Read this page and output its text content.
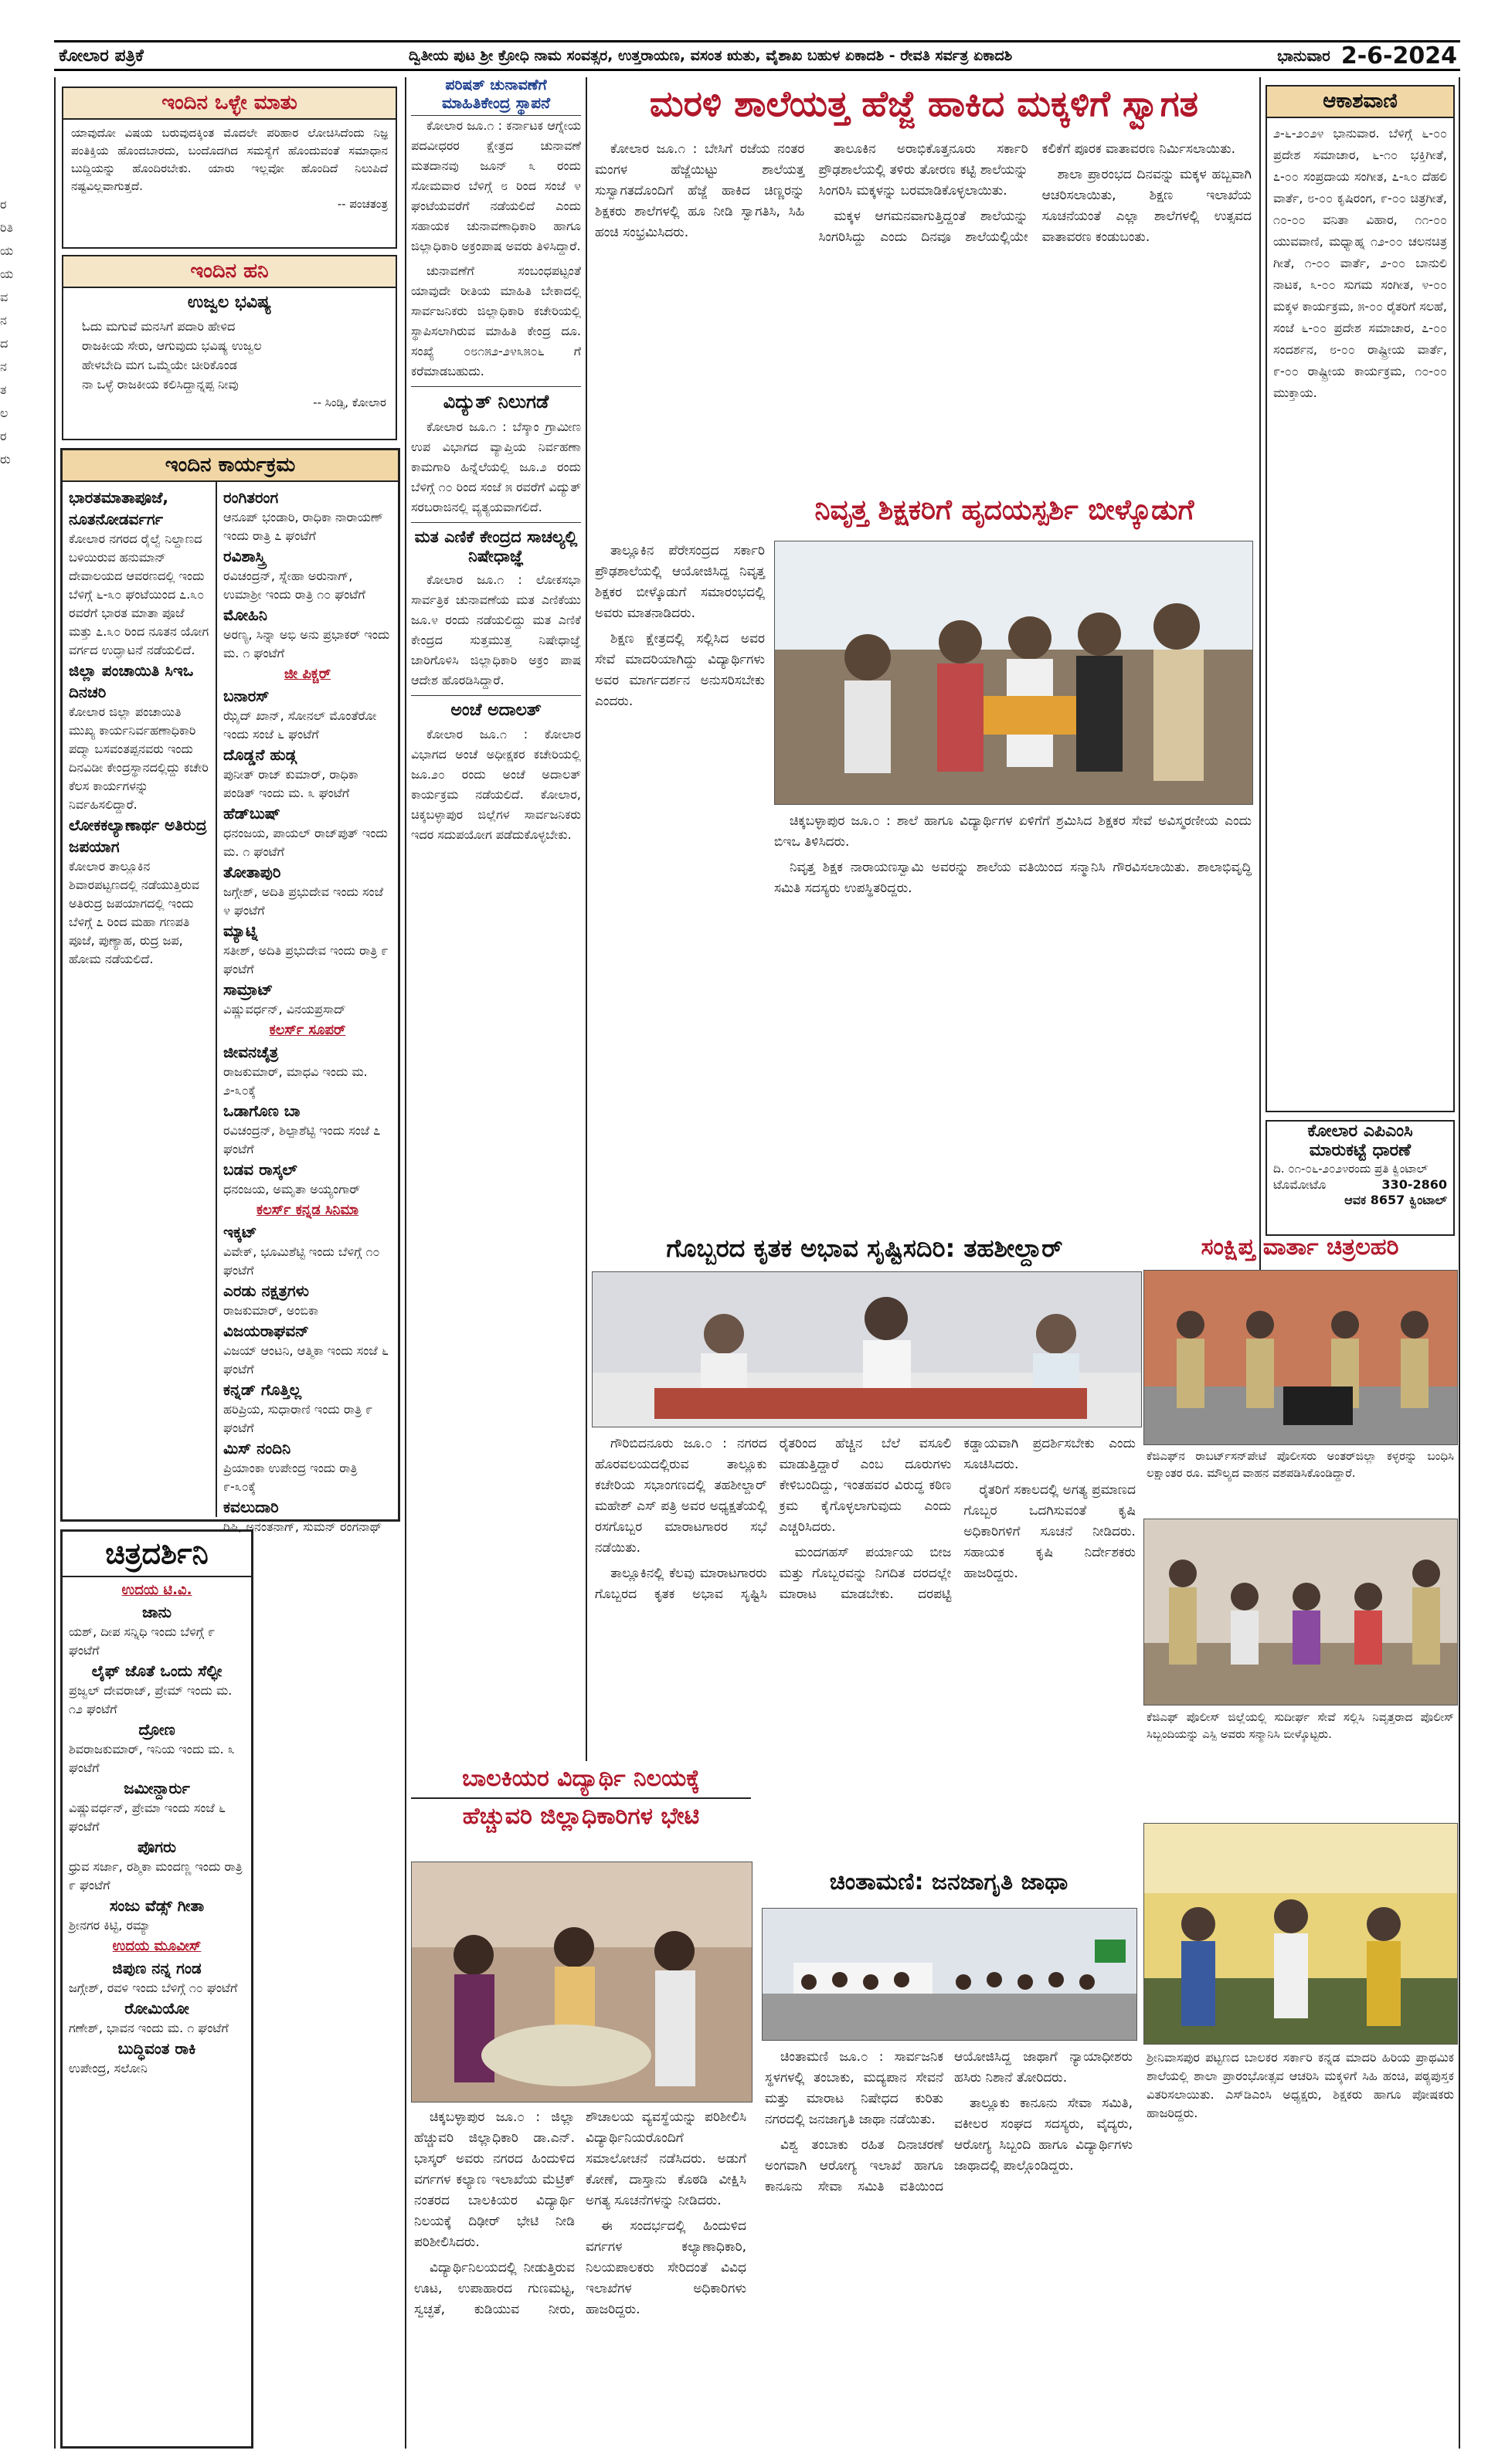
ಕೋಲಾರ ಪತ್ರಿಕೆ	ದ್ವಿತೀಯ ಪುಟ ಶ್ರೀ ಕ್ರೋಧಿ ನಾಮ ಸಂವತ್ಸರ, ಉತ್ತರಾಯಣ, ವಸಂತ ಋತು, ವೈಶಾಖ ಬಹುಳ ಏಕಾದಶಿ - ರೇವತಿ ಸರ್ವತ್ರ ಏಕಾದಶಿ	ಭಾನುವಾರ 2-6-2024
ರ
ರಿತಿ
ಯ
ಯ
ವ
ನ
ದ
ನ
ತ
ಲ
ರ
ರು
ಇಂದಿನ ಒಳ್ಳೇ ಮಾತು
ಯಾವುದೋ ವಿಷಯ ಬರುವುದಕ್ಕಿಂತ ಮೊದಲೇ ಪರಿಹಾರ ಲೋಚಿಸಿದೆಂದು ನಿಜ್ಞ ಪಂತಿಕ್ತಿಯ ಹೊಂದಬಾರದು, ಬಂದೊದಗಿದ ಸಮಸ್ಯೆಗೆ ಹೊಂದುವಂತೆ ಸಮಾಧಾನ ಬುದ್ದಿಯನ್ನು ಹೊಂದಿರಬೇಕು. ಯಾರು ಇಲ್ಲವೋ ಹೊಂದಿದೆ ನಿಲುಪಿದೆ ನಷ್ಟವಿಲ್ಲವಾಗುತ್ತದೆ.
-- ಪಂಚತಂತ್ರ
ಇಂದಿನ ಹನಿ
ಉಜ್ವಲ ಭವಿಷ್ಯ
ಓದು ಮಗುವೆ ಮನಸಿಗೆ ಪದಾರಿ ಹೇಳಿದ
ರಾಜಕೀಯ ಸೇರು, ಆಗುವುದು ಭವಿಷ್ಯ ಉಜ್ವಲ
ಹೇಳಬೇದಿ ಮಗ ಒಮ್ಮೆಯೇ ಚೀರಿಕೊಂಡ
ನಾ ಒಳ್ಳೆ ರಾಜಕೀಯ ಕಲಿಸಿದ್ದಾನ್ನಪ್ಪ ನೀವು
-- ಸಿಂಡ್ಸಿ, ಕೋಲಾರ
ಇಂದಿನ ಕಾರ್ಯಕ್ರಮ
ಭಾರತಮಾತಾಪೂಜೆ, ನೂತನೋಡರ್ವರ್ಗ
ಕೋಲಾರ ನಗರದ ರೈಲ್ವೆ ನಿಲ್ದಾಣದ ಬಳಿಯಿರುವ ಹನುಮಾನ್ ದೇವಾಲಯದ ಆವರಣದಲ್ಲಿ ಇಂದು ಬೆಳಿಗ್ಗೆ ೬-೩೦ ಘಂಟೆಯಿಂದ ೭.೩೦ ರವರೆಗೆ ಭಾರತ ಮಾತಾ ಪೂಜೆ ಮತ್ತು ೭.೩೦ ರಿಂದ ನೂತನ ಯೋಗ ವರ್ಗದ ಉದ್ಘಾಟನೆ ನಡೆಯಲಿದೆ.
ಜಿಲ್ಲಾ ಪಂಚಾಯಿತಿ ಸಿಇಒ ದಿನಚರಿ
ಕೋಲಾರ ಜಿಲ್ಲಾ ಪಂಚಾಯಿತಿ ಮುಖ್ಯ ಕಾರ್ಯನಿರ್ವಹಣಾಧಿಕಾರಿ ಪದ್ಮಾ ಬಸವಂತಪ್ಪನವರು ಇಂದು ದಿನವಿಡೀ ಕೇಂದ್ರಸ್ಥಾನದಲ್ಲಿದ್ದು ಕಚೇರಿ ಕೆಲಸ ಕಾರ್ಯಗಳನ್ನು ನಿರ್ವಹಿಸಲಿದ್ದಾರೆ.
ಲೋಕಕಲ್ಯಾಣಾರ್ಥ ಅತಿರುದ್ರ ಜಪಯಾಗ
ಕೋಲಾರ ತಾಲ್ಲೂಕಿನ ಶಿವಾರಪಟ್ಟಣದಲ್ಲಿ ನಡೆಯುತ್ತಿರುವ ಅತಿರುದ್ರ ಜಪಯಾಗದಲ್ಲಿ ಇಂದು ಬೆಳಿಗ್ಗೆ ೭ ರಿಂದ ಮಹಾ ಗಣಪತಿ ಪೂಜೆ, ಪುಣ್ಯಾಹ, ರುದ್ರ ಜಪ, ಹೋಮ ನಡೆಯಲಿದೆ.
ರಂಗಿತರಂಗ
ಆನೂಪ್ ಭಂಡಾರಿ, ರಾಧಿಕಾ ನಾರಾಯಣ್ ಇಂದು ರಾತ್ರಿ ೭ ಘಂಟೆಗೆ
ರವಿಶಾಸ್ತ್ರಿ
ರವಿಚಂದ್ರನ್, ಸ್ನೇಹಾ ಅರುನಾಗ್, ಉಮಾಶ್ರೀ ಇಂದು ರಾತ್ರಿ ೧೦ ಘಂಟೆಗೆ
ಮೋಹಿನಿ
ಅರಣ್ಯ, ಸಿನ್ನಾ ಅಭಿ ಅನು ಪ್ರಭಾಕರ್ ಇಂದು ಮ. ೧ ಘಂಟೆಗೆ
ಜೀ ಪಿಕ್ಚರ್
ಬನಾರಸ್
ಝೈದ್ ಖಾನ್, ಸೋನಲ್ ಮೊಂತೆರೋ ಇಂದು ಸಂಜೆ ೬ ಘಂಟೆಗೆ
ದೊಡ್ಡನೆ ಹುಡ್ಗ
ಪುನೀತ್ ರಾಜ್ ಕುಮಾರ್, ರಾಧಿಕಾ ಪಂಡಿತ್ ಇಂದು ಮ. ೩ ಘಂಟೆಗೆ
ಹೆಡ್‌ಬುಷ್
ಧನಂಜಯ, ಪಾಯಲ್ ರಾಜ್‌ಪುತ್ ಇಂದು ಮ. ೧ ಘಂಟೆಗೆ
ತೋತಾಪುರಿ
ಜಗ್ಗೇಶ್, ಅದಿತಿ ಪ್ರಭುದೇವ ಇಂದು ಸಂಜೆ ೪ ಘಂಟೆಗೆ
ಮ್ಯಾಟ್ನಿ
ಸತೀಶ್, ಅದಿತಿ ಪ್ರಭುದೇವ ಇಂದು ರಾತ್ರಿ ೯ ಘಂಟೆಗೆ
ಸಾಮ್ರಾಟ್
ವಿಷ್ಣುವರ್ಧನ್, ವಿನಯಪ್ರಸಾದ್
ಕಲರ್ಸ್ ಸೂಪರ್
ಜೀವನಚೈತ್ರ
ರಾಜಕುಮಾರ್, ಮಾಧವಿ ಇಂದು ಮ. ೨-೩೦ಕ್ಕೆ
ಒಡಾಗೊಣ ಬಾ
ರವಿಚಂದ್ರನ್, ಶಿಲ್ಪಾಶೆಟ್ಟಿ ಇಂದು ಸಂಜೆ ೭ ಘಂಟೆಗೆ
ಬಡವ ರಾಸ್ಕಲ್
ಧನಂಜಯ, ಅಮೃತಾ ಅಯ್ಯಂಗಾರ್
ಕಲರ್ಸ್ ಕನ್ನಡ ಸಿನಿಮಾ
ಇಕ್ಕಟ್
ವಿವೇಕ್, ಭೂಮಿಶೆಟ್ಟಿ ಇಂದು ಬೆಳಿಗ್ಗೆ ೧೦ ಘಂಟೆಗೆ
ಎರಡು ನಕ್ಷತ್ರಗಳು
ರಾಜಕುಮಾರ್, ಅಂಬಿಕಾ
ವಿಜಯರಾಘವನ್
ವಿಜಯ್ ಆಂಟನಿ, ಆತ್ಮಿಕಾ ಇಂದು ಸಂಜೆ ೬ ಘಂಟೆಗೆ
ಕನ್ನಡ್ ಗೊತ್ತಿಲ್ಲ
ಹರಿಪ್ರಿಯ, ಸುಧಾರಾಣಿ ಇಂದು ರಾತ್ರಿ ೯ ಘಂಟೆಗೆ
ಮಿಸ್ ನಂದಿನಿ
ಪ್ರಿಯಾಂಕಾ ಉಪೇಂದ್ರ ಇಂದು ರಾತ್ರಿ ೯-೩೦ಕ್ಕೆ
ಕವಲುದಾರಿ
ರಿಷಿ, ಅನಂತನಾಗ್, ಸುಮನ್ ರಂಗನಾಥ್
ಚಿತ್ರದರ್ಶಿನಿ
ಉದಯ ಟಿ.ವಿ.
ಜಾನು
ಯಶ್, ದೀಪ ಸನ್ನಿಧಿ ಇಂದು ಬೆಳಿಗ್ಗೆ ೯ ಘಂಟೆಗೆ
ಲೈಫ್ ಜೊತೆ ಒಂದು ಸೆಲ್ಫೀ
ಪ್ರಜ್ವಲ್ ದೇವರಾಜ್, ಪ್ರೇಮ್ ಇಂದು ಮ. ೧೨ ಘಂಟೆಗೆ
ದ್ರೋಣ
ಶಿವರಾಜಕುಮಾರ್, ಇನಿಯ ಇಂದು ಮ. ೩ ಘಂಟೆಗೆ
ಜಮೀನ್ದಾರ್ರು
ವಿಷ್ಣುವರ್ಧನ್, ಪ್ರೇಮಾ ಇಂದು ಸಂಜೆ ೬ ಘಂಟೆಗೆ
ಪೊಗರು
ಧ್ರುವ ಸರ್ಜಾ, ರಶ್ಮಿಕಾ ಮಂದಣ್ಣ ಇಂದು ರಾತ್ರಿ ೯ ಘಂಟೆಗೆ
ಸಂಜು ವೆಡ್ಸ್ ಗೀತಾ
ಶ್ರೀನಗರ ಕಿಟ್ಟಿ, ರಮ್ಯಾ
ಉದಯ ಮೂವೀಸ್
ಜಿಪುಣ ನನ್ನ ಗಂಡ
ಜಗ್ಗೇಶ್, ರವಳಿ ಇಂದು ಬೆಳಿಗ್ಗೆ ೧೦ ಘಂಟೆಗೆ
ರೋಮಿಯೋ
ಗಣೇಶ್, ಭಾವನ ಇಂದು ಮ. ೧ ಘಂಟೆಗೆ
ಬುದ್ಧಿವಂತ ರಾಕಿ
ಉಪೇಂದ್ರ, ಸಲೋನಿ
ಪರಿಷತ್ ಚುನಾವಣೆಗೆ
ಮಾಹಿತಿಕೇಂದ್ರ ಸ್ಥಾಪನೆ

ಕೋಲಾರ ಜೂ.೧ : ಕರ್ನಾಟಕ ಆಗ್ನೇಯ ಪದವೀಧರರ ಕ್ಷೇತ್ರದ ಚುನಾವಣೆ ಮತದಾನವು ಜೂನ್ ೩ ರಂದು ಸೋಮವಾರ ಬೆಳಿಗ್ಗೆ ೮ ರಿಂದ ಸಂಜೆ ೪ ಘಂಟೆಯವರೆಗೆ ನಡೆಯಲಿದೆ ಎಂದು ಸಹಾಯಕ ಚುನಾವಣಾಧಿಕಾರಿ ಹಾಗೂ ಜಿಲ್ಲಾಧಿಕಾರಿ ಅಕ್ರಂಪಾಷ ಅವರು ತಿಳಿಸಿದ್ದಾರೆ.

ಚುನಾವಣೆಗೆ ಸಂಬಂಧಪಟ್ಟಂತೆ ಯಾವುದೇ ರೀತಿಯ ಮಾಹಿತಿ ಬೇಕಾದಲ್ಲಿ ಸಾರ್ವಜನಿಕರು ಜಿಲ್ಲಾಧಿಕಾರಿ ಕಚೇರಿಯಲ್ಲಿ ಸ್ಥಾಪಿಸಲಾಗಿರುವ ಮಾಹಿತಿ ಕೇಂದ್ರ ದೂ. ಸಂಖ್ಯೆ ೦೮೧೫೨-೨೪೩೫೦೬ ಗೆ ಕರೆಮಾಡಬಹುದು.

ವಿದ್ಯುತ್ ನಿಲುಗಡೆ

ಕೋಲಾರ ಜೂ.೧ : ಬೆಸ್ಕಾಂ ಗ್ರಾಮೀಣ ಉಪ ವಿಭಾಗದ ವ್ಯಾಪ್ತಿಯ ನಿರ್ವಹಣಾ ಕಾಮಗಾರಿ ಹಿನ್ನೆಲೆಯಲ್ಲಿ ಜೂ.೨ ರಂದು ಬೆಳಿಗ್ಗೆ ೧೦ ರಿಂದ ಸಂಜೆ ೫ ರವರೆಗೆ ವಿದ್ಯುತ್ ಸರಬರಾಜಿನಲ್ಲಿ ವ್ಯತ್ಯಯವಾಗಲಿದೆ.

ಮತ ಎಣಿಕೆ ಕೇಂದ್ರದ ಸಾಚಲ್ಯಲ್ಲಿ ನಿಷೇಧಾಜ್ಞೆ

ಕೋಲಾರ ಜೂ.೧ : ಲೋಕಸಭಾ ಸಾರ್ವತ್ರಿಕ ಚುನಾವಣೆಯ ಮತ ಎಣಿಕೆಯು ಜೂ.೪ ರಂದು ನಡೆಯಲಿದ್ದು ಮತ ಎಣಿಕೆ ಕೇಂದ್ರದ ಸುತ್ತಮುತ್ತ ನಿಷೇಧಾಜ್ಞೆ ಜಾರಿಗೊಳಿಸಿ ಜಿಲ್ಲಾಧಿಕಾರಿ ಅಕ್ರಂ ಪಾಷ ಆದೇಶ ಹೊರಡಿಸಿದ್ದಾರೆ.

ಅಂಚೆ ಅದಾಲತ್

ಕೋಲಾರ ಜೂ.೧ : ಕೋಲಾರ ವಿಭಾಗದ ಅಂಚೆ ಅಧೀಕ್ಷಕರ ಕಚೇರಿಯಲ್ಲಿ ಜೂ.೨೦ ರಂದು ಅಂಚೆ ಅದಾಲತ್ ಕಾರ್ಯಕ್ರಮ ನಡೆಯಲಿದೆ. ಕೋಲಾರ, ಚಿಕ್ಕಬಳ್ಳಾಪುರ ಜಿಲ್ಲೆಗಳ ಸಾರ್ವಜನಿಕರು ಇದರ ಸದುಪಯೋಗ ಪಡೆದುಕೊಳ್ಳಬೇಕು.

ಮರಳಿ ಶಾಲೆಯತ್ತ ಹೆಜ್ಜೆ ಹಾಕಿದ ಮಕ್ಕಳಿಗೆ ಸ್ವಾಗತ

ಕೋಲಾರ ಜೂ.೧ : ಬೇಸಿಗೆ ರಜೆಯ ನಂತರ ಮಂಗಳ ಹೆಜ್ಜೆಯಿಟ್ಟು ಶಾಲೆಯತ್ತ ಸುಸ್ವಾಗತದೊಂದಿಗೆ ಹೆಜ್ಜೆ ಹಾಕಿದ ಚಿಣ್ಣರನ್ನು ಶಿಕ್ಷಕರು ಶಾಲೆಗಳಲ್ಲಿ ಹೂ ನೀಡಿ ಸ್ವಾಗತಿಸಿ, ಸಿಹಿ ಹಂಚಿ ಸಂಭ್ರಮಿಸಿದರು.

ತಾಲೂಕಿನ ಅರಾಭಿಕೊತ್ತನೂರು ಸರ್ಕಾರಿ ಪ್ರೌಢಶಾಲೆಯಲ್ಲಿ ತಳಿರು ತೋರಣ ಕಟ್ಟಿ ಶಾಲೆಯನ್ನು ಸಿಂಗರಿಸಿ ಮಕ್ಕಳನ್ನು ಬರಮಾಡಿಕೊಳ್ಳಲಾಯಿತು.

ಮಕ್ಕಳ ಆಗಮನವಾಗುತ್ತಿದ್ದಂತೆ ಶಾಲೆಯನ್ನು ಸಿಂಗರಿಸಿದ್ದು ಎಂದು ದಿನವೂ ಶಾಲೆಯಲ್ಲಿಯೇ ಕಲಿಕೆಗೆ ಪೂರಕ ವಾತಾವರಣ ನಿರ್ಮಿಸಲಾಯಿತು.

ಶಾಲಾ ಪ್ರಾರಂಭದ ದಿನವನ್ನು ಮಕ್ಕಳ ಹಬ್ಬವಾಗಿ ಆಚರಿಸಲಾಯಿತು, ಶಿಕ್ಷಣ ಇಲಾಖೆಯ ಸೂಚನೆಯಂತೆ ಎಲ್ಲಾ ಶಾಲೆಗಳಲ್ಲಿ ಉತ್ಸವದ ವಾತಾವರಣ ಕಂಡುಬಂತು.

ನಿವೃತ್ತ ಶಿಕ್ಷಕರಿಗೆ ಹೃದಯಸ್ಪರ್ಶಿ ಬೀಳ್ಕೊಡುಗೆ

ತಾಲ್ಲೂಕಿನ ಪೆರೇಸಂದ್ರದ ಸರ್ಕಾರಿ ಪ್ರೌಢಶಾಲೆಯಲ್ಲಿ ಆಯೋಜಿಸಿದ್ದ ನಿವೃತ್ತ ಶಿಕ್ಷಕರ ಬೀಳ್ಕೊಡುಗೆ ಸಮಾರಂಭದಲ್ಲಿ ಅವರು ಮಾತನಾಡಿದರು.

ಶಿಕ್ಷಣ ಕ್ಷೇತ್ರದಲ್ಲಿ ಸಲ್ಲಿಸಿದ ಅವರ ಸೇವೆ ಮಾದರಿಯಾಗಿದ್ದು ವಿದ್ಯಾರ್ಥಿಗಳು ಅವರ ಮಾರ್ಗದರ್ಶನ ಅನುಸರಿಸಬೇಕು ಎಂದರು.

ಚಿಕ್ಕಬಳ್ಳಾಪುರ ಜೂ.೦ : ಶಾಲೆ ಹಾಗೂ ವಿದ್ಯಾರ್ಥಿಗಳ ಏಳಿಗೆಗೆ ಶ್ರಮಿಸಿದ ಶಿಕ್ಷಕರ ಸೇವೆ ಅವಿಸ್ಮರಣೀಯ ಎಂದು ಬಿಇಒ ತಿಳಿಸಿದರು.

ನಿವೃತ್ತ ಶಿಕ್ಷಕ ನಾರಾಯಣಸ್ವಾಮಿ ಅವರನ್ನು ಶಾಲೆಯ ವತಿಯಿಂದ ಸನ್ಮಾನಿಸಿ ಗೌರವಿಸಲಾಯಿತು. ಶಾಲಾಭಿವೃದ್ಧಿ ಸಮಿತಿ ಸದಸ್ಯರು ಉಪಸ್ಥಿತರಿದ್ದರು.

ಆಕಾಶವಾಣಿ
೨-೬-೨೦೨೪ ಭಾನುವಾರ. ಬೆಳಿಗ್ಗೆ ೬-೦೦ ಪ್ರದೇಶ ಸಮಾಚಾರ, ೬-೧೦ ಭಕ್ತಿಗೀತೆ, ೭-೦೦ ಸಂಪ್ರದಾಯ ಸಂಗೀತ, ೭-೩೦ ದೆಹಲಿ ವಾರ್ತೆ, ೮-೦೦ ಕೃಷಿರಂಗ, ೯-೦೦ ಚಿತ್ರಗೀತೆ, ೧೦-೦೦ ವನಿತಾ ವಿಹಾರ, ೧೧-೦೦ ಯುವವಾಣಿ, ಮಧ್ಯಾಹ್ನ ೧೨-೦೦ ಚಲನಚಿತ್ರ ಗೀತೆ, ೧-೦೦ ವಾರ್ತೆ, ೨-೦೦ ಬಾನುಲಿ ನಾಟಕ, ೩-೦೦ ಸುಗಮ ಸಂಗೀತ, ೪-೦೦ ಮಕ್ಕಳ ಕಾರ್ಯಕ್ರಮ, ೫-೦೦ ರೈತರಿಗೆ ಸಲಹೆ, ಸಂಜೆ ೬-೦೦ ಪ್ರದೇಶ ಸಮಾಚಾರ, ೭-೦೦ ಸಂದರ್ಶನ, ೮-೦೦ ರಾಷ್ಟ್ರೀಯ ವಾರ್ತೆ, ೯-೦೦ ರಾಷ್ಟ್ರೀಯ ಕಾರ್ಯಕ್ರಮ, ೧೦-೦೦ ಮುಕ್ತಾಯ.
ಕೋಲಾರ ಎಪಿಎಂಸಿ
ಮಾರುಕಟ್ಟೆ ಧಾರಣೆ
ದಿ. ೦೧-೦೬-೨೦೨೪ರಂದು ಪ್ರತಿ ಕ್ವಿಂಟಾಲ್
ಟೊಮೋಟೊ	330-2860
ಆವಕ 8657 ಕ್ವಿಂಟಾಲ್
ಗೊಬ್ಬರದ ಕೃತಕ ಅಭಾವ ಸೃಷ್ಟಿಸದಿರಿ: ತಹಶೀಲ್ದಾರ್

ಗೌರಿಬಿದನೂರು ಜೂ.೦ : ನಗರದ ಹೊರವಲಯದಲ್ಲಿರುವ ತಾಲ್ಲೂಕು ಕಚೇರಿಯ ಸಭಾಂಗಣದಲ್ಲಿ ತಹಶೀಲ್ದಾರ್ ಮಹೇಶ್ ಎಸ್ ಪತ್ರಿ ಅವರ ಅಧ್ಯಕ್ಷತೆಯಲ್ಲಿ ರಸಗೊಬ್ಬರ ಮಾರಾಟಗಾರರ ಸಭೆ ನಡೆಯಿತು.

ತಾಲ್ಲೂಕಿನಲ್ಲಿ ಕೆಲವು ಮಾರಾಟಗಾರರು ಗೊಬ್ಬರದ ಕೃತಕ ಅಭಾವ ಸೃಷ್ಟಿಸಿ ರೈತರಿಂದ ಹೆಚ್ಚಿನ ಬೆಲೆ ವಸೂಲಿ ಮಾಡುತ್ತಿದ್ದಾರೆ ಎಂಬ ದೂರುಗಳು ಕೇಳಿಬಂದಿದ್ದು, ಇಂತಹವರ ವಿರುದ್ಧ ಕಠಿಣ ಕ್ರಮ ಕೈಗೊಳ್ಳಲಾಗುವುದು ಎಂದು ಎಚ್ಚರಿಸಿದರು.

ಮಂದಗಹಸ್ ಪರ್ಯಾಯ ಬೀಜ ಮತ್ತು ಗೊಬ್ಬರವನ್ನು ನಿಗದಿತ ದರದಲ್ಲೇ ಮಾರಾಟ ಮಾಡಬೇಕು. ದರಪಟ್ಟಿ ಕಡ್ಡಾಯವಾಗಿ ಪ್ರದರ್ಶಿಸಬೇಕು ಎಂದು ಸೂಚಿಸಿದರು.

ರೈತರಿಗೆ ಸಕಾಲದಲ್ಲಿ ಅಗತ್ಯ ಪ್ರಮಾಣದ ಗೊಬ್ಬರ ಒದಗಿಸುವಂತೆ ಕೃಷಿ ಅಧಿಕಾರಿಗಳಿಗೆ ಸೂಚನೆ ನೀಡಿದರು. ಸಹಾಯಕ ಕೃಷಿ ನಿರ್ದೇಶಕರು ಹಾಜರಿದ್ದರು.

ಸಂಕ್ಷಿಪ್ತ ವಾರ್ತಾ ಚಿತ್ರಲಹರಿ
ಕೆಜಿಎಫ್‌ನ ರಾಬರ್ಟ್‌ಸನ್‌ಪೇಟೆ ಪೊಲೀಸರು ಅಂತರ್‌ಜಿಲ್ಲಾ ಕಳ್ಳರನ್ನು ಬಂಧಿಸಿ ಲಕ್ಷಾಂತರ ರೂ. ಮೌಲ್ಯದ ವಾಹನ ವಶಪಡಿಸಿಕೊಂಡಿದ್ದಾರೆ.
ಕೆಜಿಎಫ್ ಪೊಲೀಸ್ ಜಿಲ್ಲೆಯಲ್ಲಿ ಸುದೀರ್ಘ ಸೇವೆ ಸಲ್ಲಿಸಿ ನಿವೃತ್ತರಾದ ಪೊಲೀಸ್ ಸಿಬ್ಬಂದಿಯನ್ನು ಎಸ್ಪಿ ಅವರು ಸನ್ಮಾನಿಸಿ ಬೀಳ್ಕೊಟ್ಟರು.
ಶ್ರೀನಿವಾಸಪುರ ಪಟ್ಟಣದ ಬಾಲಕರ ಸರ್ಕಾರಿ ಕನ್ನಡ ಮಾದರಿ ಹಿರಿಯ ಪ್ರಾಥಮಿಕ ಶಾಲೆಯಲ್ಲಿ ಶಾಲಾ ಪ್ರಾರಂಭೋತ್ಸವ ಆಚರಿಸಿ ಮಕ್ಕಳಿಗೆ ಸಿಹಿ ಹಂಚಿ, ಪಠ್ಯಪುಸ್ತಕ ವಿತರಿಸಲಾಯಿತು. ಎಸ್‌ಡಿಎಂಸಿ ಅಧ್ಯಕ್ಷರು, ಶಿಕ್ಷಕರು ಹಾಗೂ ಪೋಷಕರು ಹಾಜರಿದ್ದರು.
ಬಾಲಕಿಯರ ವಿದ್ಯಾರ್ಥಿ ನಿಲಯಕ್ಕೆ
ಹೆಚ್ಚುವರಿ ಜಿಲ್ಲಾಧಿಕಾರಿಗಳ ಭೇಟಿ

ಚಿಕ್ಕಬಳ್ಳಾಪುರ ಜೂ.೦ : ಜಿಲ್ಲಾ ಹೆಚ್ಚುವರಿ ಜಿಲ್ಲಾಧಿಕಾರಿ ಡಾ.ಎನ್. ಭಾಸ್ಕರ್ ಅವರು ನಗರದ ಹಿಂದುಳಿದ ವರ್ಗಗಳ ಕಲ್ಯಾಣ ಇಲಾಖೆಯ ಮೆಟ್ರಿಕ್ ನಂತರದ ಬಾಲಕಿಯರ ವಿದ್ಯಾರ್ಥಿ ನಿಲಯಕ್ಕೆ ದಿಢೀರ್ ಭೇಟಿ ನೀಡಿ ಪರಿಶೀಲಿಸಿದರು.

ವಿದ್ಯಾರ್ಥಿನಿಲಯದಲ್ಲಿ ನೀಡುತ್ತಿರುವ ಊಟ, ಉಪಾಹಾರದ ಗುಣಮಟ್ಟ, ಸ್ವಚ್ಛತೆ, ಕುಡಿಯುವ ನೀರು, ಶೌಚಾಲಯ ವ್ಯವಸ್ಥೆಯನ್ನು ಪರಿಶೀಲಿಸಿ ವಿದ್ಯಾರ್ಥಿನಿಯರೊಂದಿಗೆ ಸಮಾಲೋಚನೆ ನಡೆಸಿದರು. ಅಡುಗೆ ಕೋಣೆ, ದಾಸ್ತಾನು ಕೊಠಡಿ ವೀಕ್ಷಿಸಿ ಅಗತ್ಯ ಸೂಚನೆಗಳನ್ನು ನೀಡಿದರು.

ಈ ಸಂದರ್ಭದಲ್ಲಿ ಹಿಂದುಳಿದ ವರ್ಗಗಳ ಕಲ್ಯಾಣಾಧಿಕಾರಿ, ನಿಲಯಪಾಲಕರು ಸೇರಿದಂತೆ ವಿವಿಧ ಇಲಾಖೆಗಳ ಅಧಿಕಾರಿಗಳು ಹಾಜರಿದ್ದರು.

ಚಿಂತಾಮಣಿ: ಜನಜಾಗೃತಿ ಜಾಥಾ

ಚಿಂತಾಮಣಿ ಜೂ.೦ : ಸಾರ್ವಜನಿಕ ಸ್ಥಳಗಳಲ್ಲಿ ತಂಬಾಕು, ಮದ್ಯಪಾನ ಸೇವನೆ ಮತ್ತು ಮಾರಾಟ ನಿಷೇಧದ ಕುರಿತು ನಗರದಲ್ಲಿ ಜನಜಾಗೃತಿ ಜಾಥಾ ನಡೆಯಿತು.

ವಿಶ್ವ ತಂಬಾಕು ರಹಿತ ದಿನಾಚರಣೆ ಅಂಗವಾಗಿ ಆರೋಗ್ಯ ಇಲಾಖೆ ಹಾಗೂ ಕಾನೂನು ಸೇವಾ ಸಮಿತಿ ವತಿಯಿಂದ ಆಯೋಜಿಸಿದ್ದ ಜಾಥಾಗೆ ನ್ಯಾಯಾಧೀಶರು ಹಸಿರು ನಿಶಾನೆ ತೋರಿದರು.

ತಾಲ್ಲೂಕು ಕಾನೂನು ಸೇವಾ ಸಮಿತಿ, ವಕೀಲರ ಸಂಘದ ಸದಸ್ಯರು, ವೈದ್ಯರು, ಆರೋಗ್ಯ ಸಿಬ್ಬಂದಿ ಹಾಗೂ ವಿದ್ಯಾರ್ಥಿಗಳು ಜಾಥಾದಲ್ಲಿ ಪಾಲ್ಗೊಂಡಿದ್ದರು.
